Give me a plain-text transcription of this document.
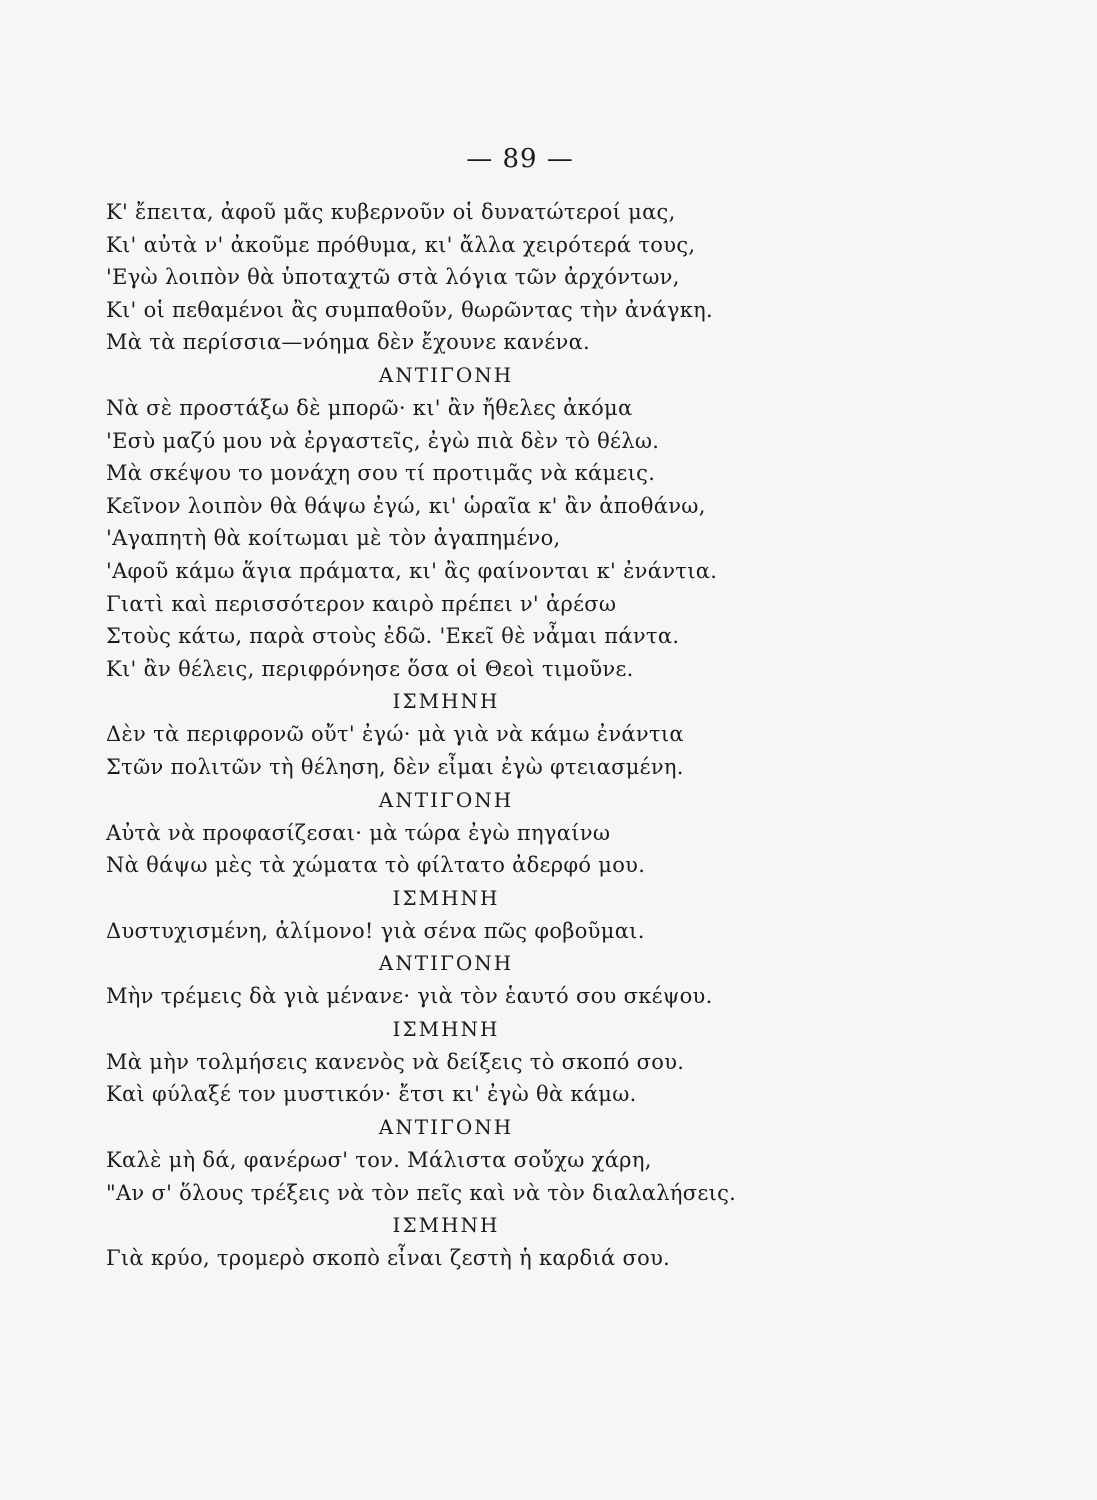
— 89 —
Κ' ἔπειτα, ἀφοῦ μᾶς κυβερνοῦν οἱ δυνατώτεροί μας,
Κι' αὐτὰ ν' ἀκοῦμε πρόθυμα, κι' ἄλλα χειρότερά τους,
'Εγὼ λοιπὸν θὰ ὑποταχτῶ στὰ λόγια τῶν ἀρχόντων,
Κι' οἱ πεθαμένοι ἂς συμπαθοῦν, θωρῶντας τὴν ἀνάγκη.
Μὰ τὰ περίσσια—νόημα δὲν ἔχουνε κανένα.
ΑΝΤΙΓΟΝΗ
Νὰ σὲ προστάξω δὲ μπορῶ· κι' ἂν ἤθελες ἀκόμα
'Εσὺ μαζύ μου νὰ ἐργαστεῖς, ἐγὼ πιὰ δὲν τὸ θέλω.
Μὰ σκέψου το μονάχη σου τί προτιμᾶς νὰ κάμεις.
Κεῖνον λοιπὸν θὰ θάψω ἐγώ, κι' ὡραῖα κ' ἂν ἀποθάνω,
'Αγαπητὴ θὰ κοίτωμαι μὲ τὸν ἀγαπημένο,
'Αφοῦ κάμω ἅγια πράματα, κι' ἂς φαίνονται κ' ἐνάντια.
Γιατὶ καὶ περισσότερον καιρὸ πρέπει ν' ἀρέσω
Στοὺς κάτω, παρὰ στοὺς ἐδῶ. 'Εκεῖ θὲ νἆμαι πάντα.
Κι' ἂν θέλεις, περιφρόνησε ὅσα οἱ Θεοὶ τιμοῦνε.
ΙΣΜΗΝΗ
Δὲν τὰ περιφρονῶ οὔτ' ἐγώ· μὰ γιὰ νὰ κάμω ἐνάντια
Στῶν πολιτῶν τὴ θέληση, δὲν εἶμαι ἐγὼ φτειασμένη.
ΑΝΤΙΓΟΝΗ
Αὐτὰ νὰ προφασίζεσαι· μὰ τώρα ἐγὼ πηγαίνω
Νὰ θάψω μὲς τὰ χώματα τὸ φίλτατο ἀδερφό μου.
ΙΣΜΗΝΗ
Δυστυχισμένη, ἀλίμονο! γιὰ σένα πῶς φοβοῦμαι.
ΑΝΤΙΓΟΝΗ
Μὴν τρέμεις δὰ γιὰ μένανε· γιὰ τὸν ἑαυτό σου σκέψου.
ΙΣΜΗΝΗ
Μὰ μὴν τολμήσεις κανενὸς νὰ δείξεις τὸ σκοπό σου.
Καὶ φύλαξέ τον μυστικόν· ἔτσι κι' ἐγὼ θὰ κάμω.
ΑΝΤΙΓΟΝΗ
Καλὲ μὴ δά, φανέρωσ' τον. Μάλιστα σοὔχω χάρη,
"Αν σ' ὅλους τρέξεις νὰ τὸν πεῖς καὶ νὰ τὸν διαλαλήσεις.
ΙΣΜΗΝΗ
Γιὰ κρύο, τρομερὸ σκοπὸ εἶναι ζεστὴ ἡ καρδιά σου.
